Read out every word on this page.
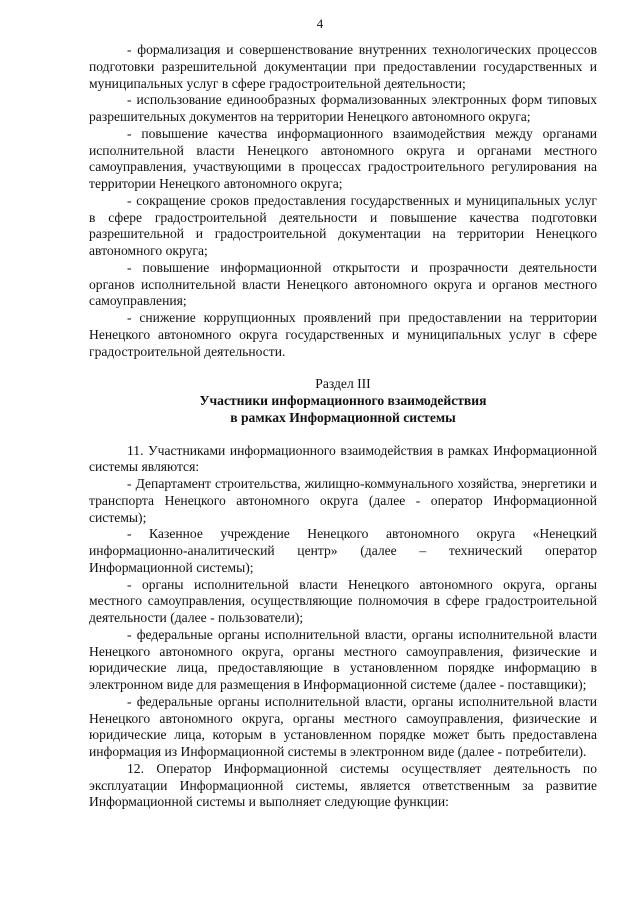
4

- формализация и совершенствование внутренних технологических процессов подготовки разрешительной документации при предоставлении государственных и муниципальных услуг в сфере градостроительной деятельности;

- использование единообразных формализованных электронных форм типовых разрешительных документов на территории Ненецкого автономного округа;

- повышение качества информационного взаимодействия между органами исполнительной власти Ненецкого автономного округа и органами местного самоуправления, участвующими в процессах градостроительного регулирования на территории Ненецкого автономного округа;

- сокращение сроков предоставления государственных и муниципальных услуг в сфере градостроительной деятельности и повышение качества подготовки разрешительной и градостроительной документации на территории Ненецкого автономного округа;

- повышение информационной открытости и прозрачности деятельности органов исполнительной власти Ненецкого автономного округа и органов местного самоуправления;

- снижение коррупционных проявлений при предоставлении на территории Ненецкого автономного округа государственных и муниципальных услуг в сфере градостроительной деятельности.

Раздел III
Участники информационного взаимодействия
в рамках Информационной системы

11. Участниками информационного взаимодействия в рамках Информационной системы являются:

- Департамент строительства, жилищно-коммунального хозяйства, энергетики и транспорта Ненецкого автономного округа (далее - оператор Информационной системы);

- Казенное учреждение Ненецкого автономного округа «Ненецкий информационно-аналитический центр» (далее – технический оператор Информационной системы);

- органы исполнительной власти Ненецкого автономного округа, органы местного самоуправления, осуществляющие полномочия в сфере градостроительной деятельности (далее - пользователи);

- федеральные органы исполнительной власти, органы исполнительной власти Ненецкого автономного округа, органы местного самоуправления, физические и юридические лица, предоставляющие в установленном порядке информацию в электронном виде для размещения в Информационной системе (далее - поставщики);

- федеральные органы исполнительной власти, органы исполнительной власти Ненецкого автономного округа, органы местного самоуправления, физические и юридические лица, которым в установленном порядке может быть предоставлена информация из Информационной системы в электронном виде (далее - потребители).

12. Оператор Информационной системы осуществляет деятельность по эксплуатации Информационной системы, является ответственным за развитие Информационной системы и выполняет следующие функции:
